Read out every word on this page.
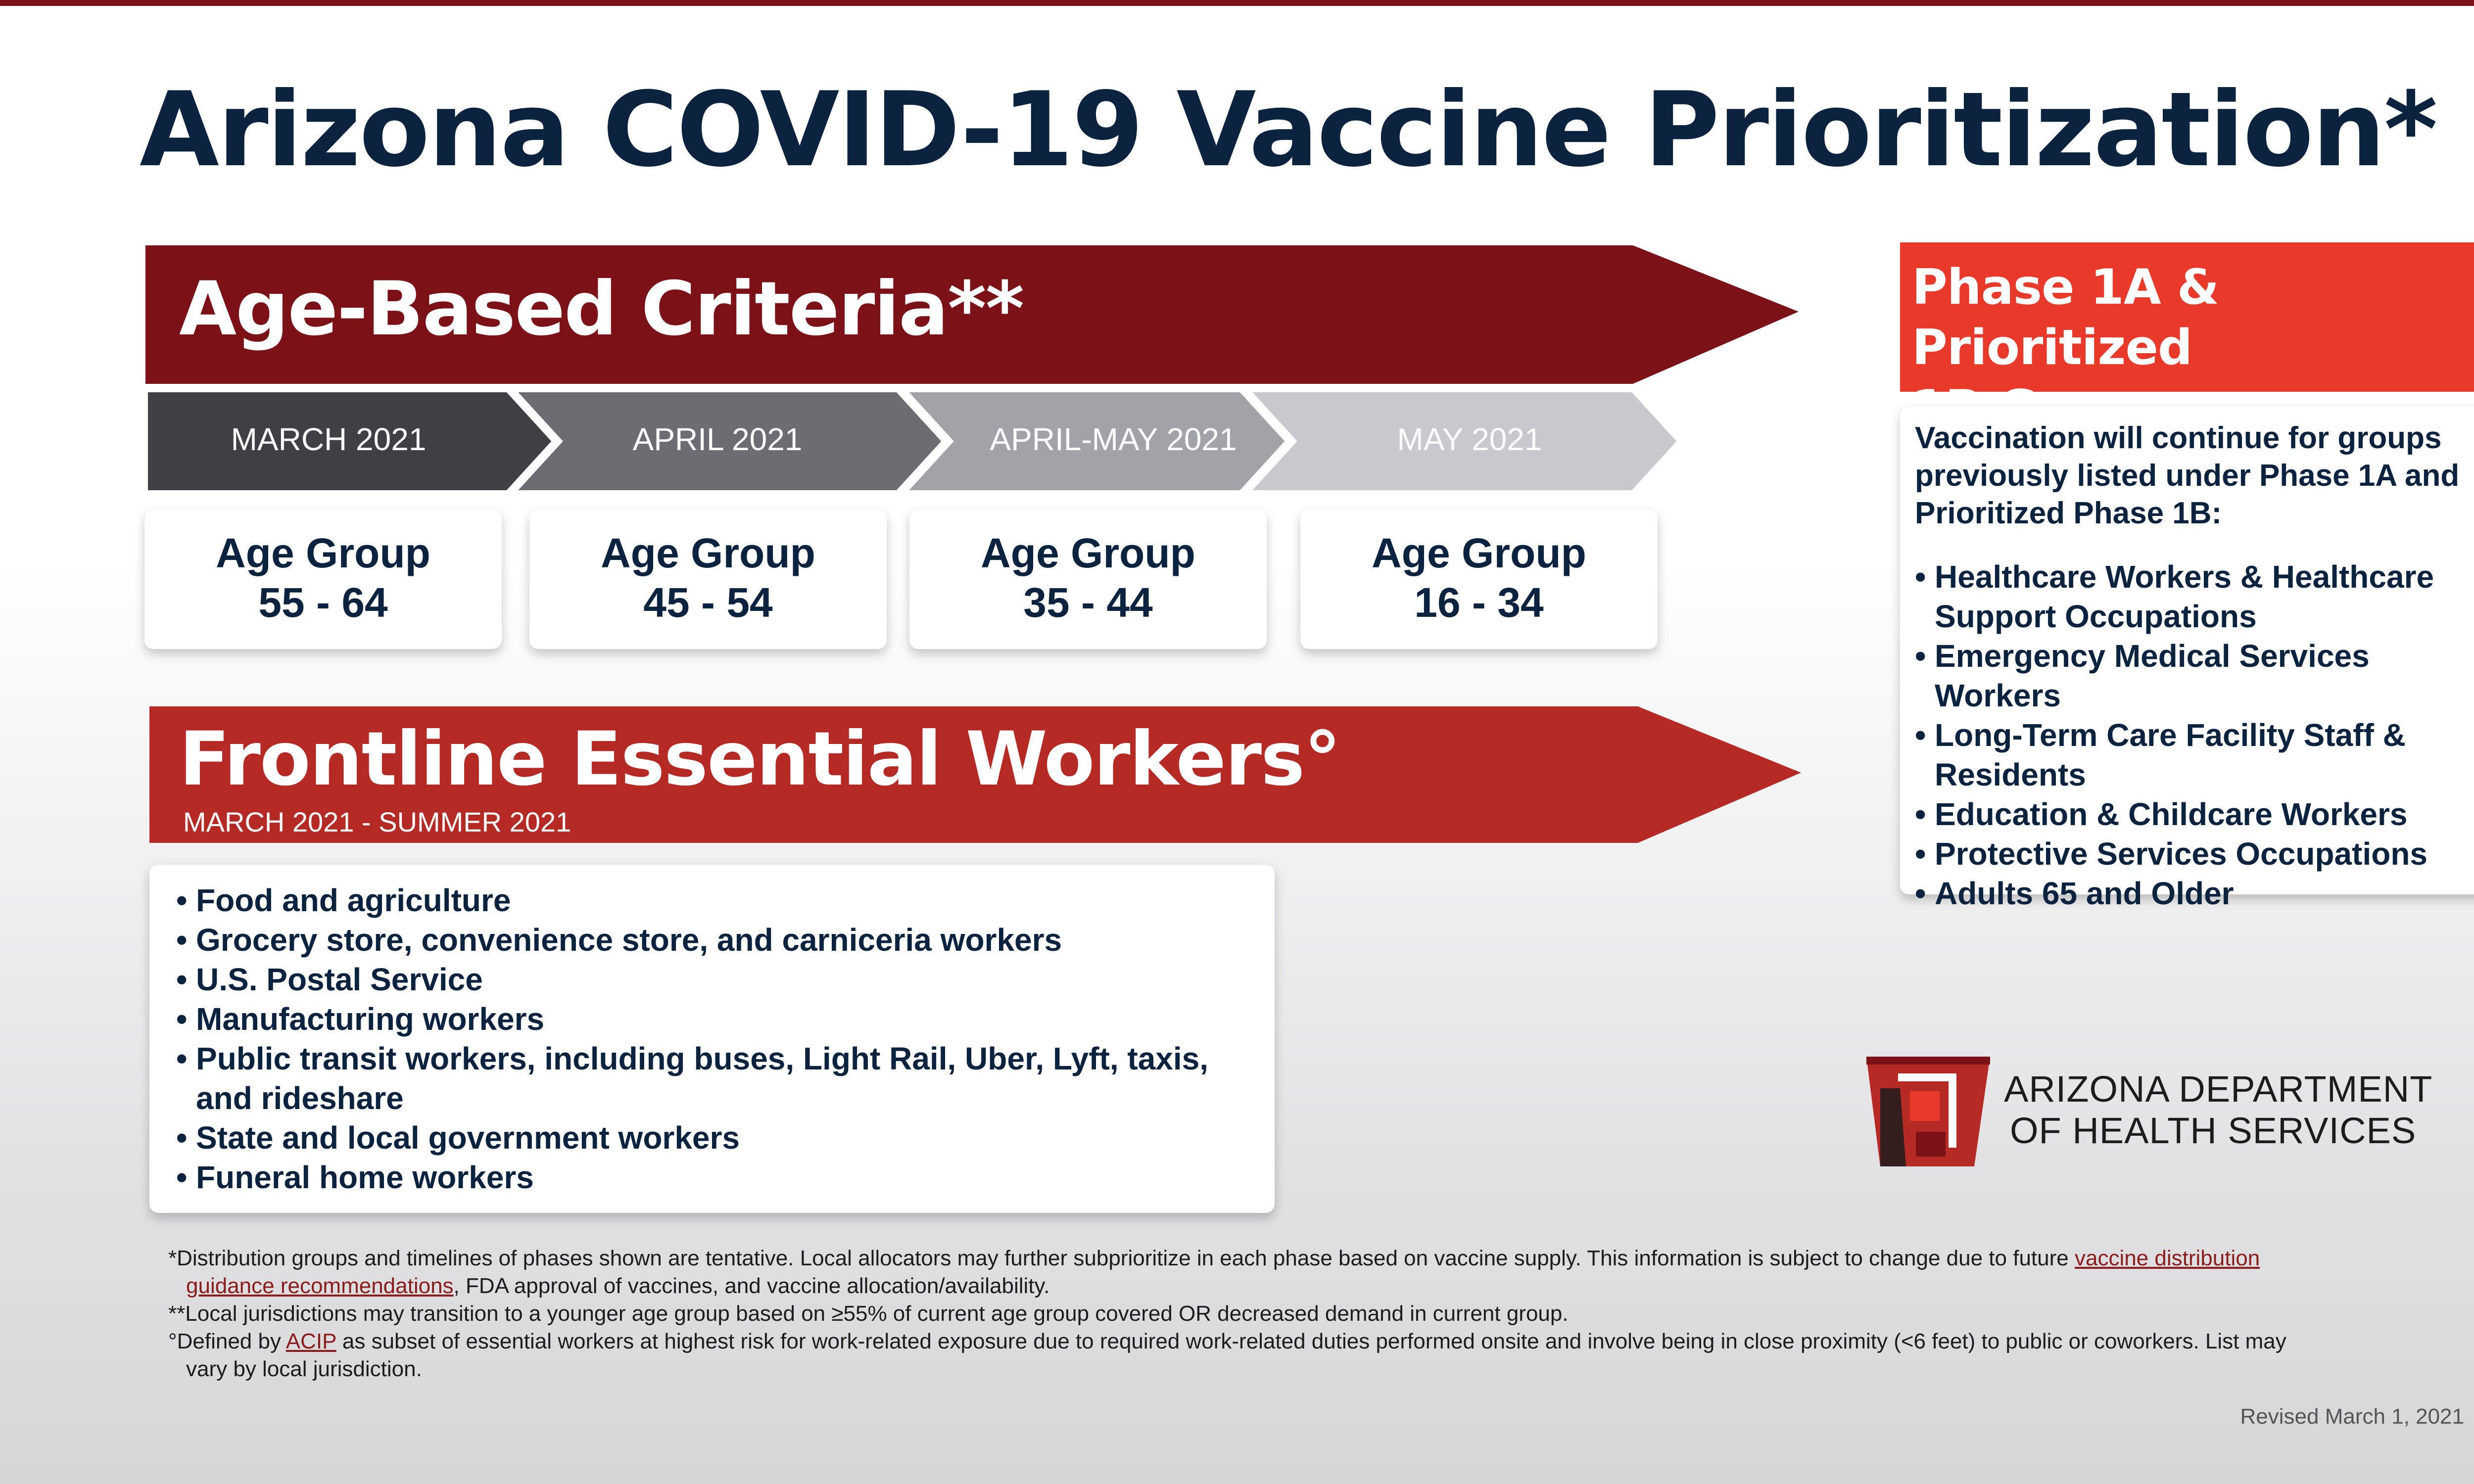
Arizona COVID-19 Vaccine Prioritization*
Age-Based Criteria**
MARCH 2021	APRIL 2021	APRIL-MAY 2021	MAY 2021
Age Group
55 - 64
Age Group
45 - 54
Age Group
35 - 44
Age Group
16 - 34
Frontline Essential Workers°
MARCH 2021 - SUMMER 2021
• Food and agriculture
• Grocery store, convenience store, and carniceria workers
• U.S. Postal Service
• Manufacturing workers
• Public transit workers, including buses, Light Rail, Uber, Lyft, taxis, and rideshare
• State and local government workers
• Funeral home workers
Phase 1A & Prioritized
Vaccination will continue for groups previously listed under Phase 1A and Prioritized Phase 1B:
• Healthcare Workers & Healthcare Support Occupations
• Emergency Medical Services Workers
• Long-Term Care Facility Staff & Residents
• Education & Childcare Workers
• Protective Services Occupations
• Adults 65 and Older
ARIZONA DEPARTMENT
OF HEALTH SERVICES
*Distribution groups and timelines of phases shown are tentative. Local allocators may further subprioritize in each phase based on vaccine supply. This information is subject to change due to future vaccine distribution
guidance recommendations, FDA approval of vaccines, and vaccine allocation/availability.
**Local jurisdictions may transition to a younger age group based on ≥55% of current age group covered OR decreased demand in current group.
°Defined by ACIP as subset of essential workers at highest risk for work-related exposure due to required work-related duties performed onsite and involve being in close proximity (<6 feet) to public or coworkers. List may
vary by local jurisdiction.
Revised March 1, 2021
